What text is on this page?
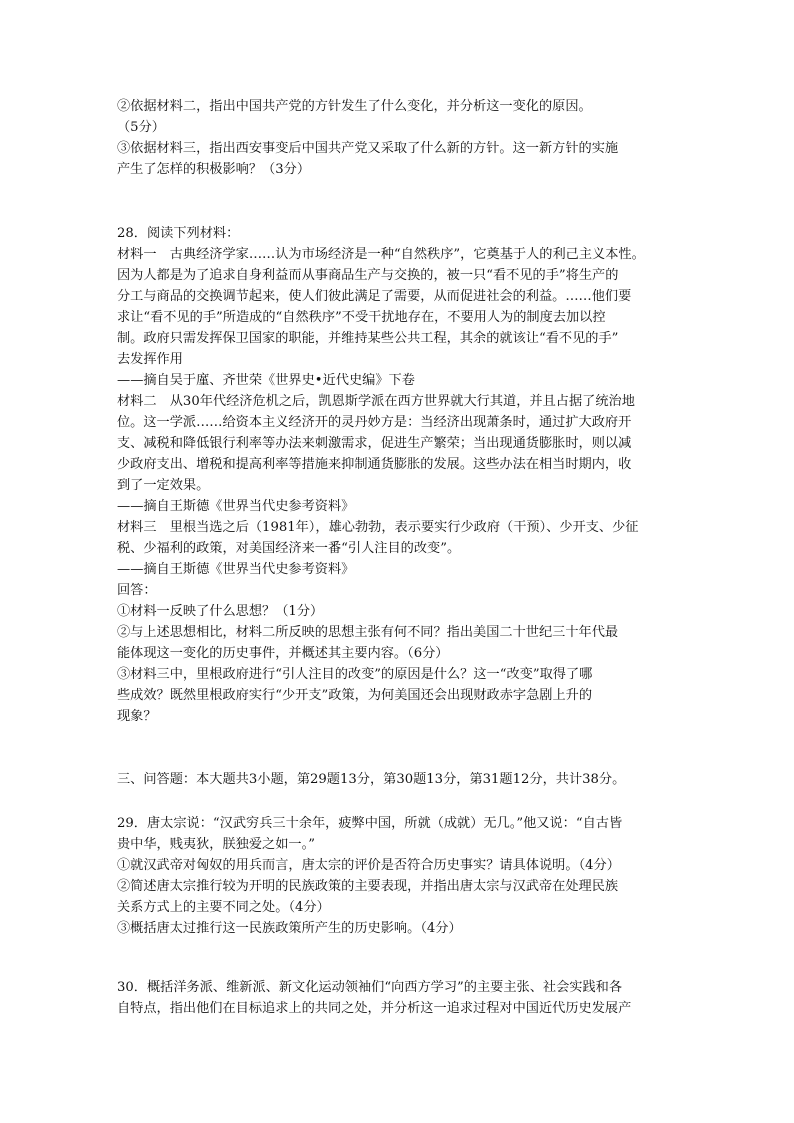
②依据材料二，指出中国共产党的方针发生了什么变化，并分析这一变化的原因。
（5分）
③依据材料三，指出西安事变后中国共产党又采取了什么新的方针。这一新方针的实施
产生了怎样的积极影响？（3分）
28．阅读下列材料：
材料一　古典经济学家……认为市场经济是一种“自然秩序”，它奠基于人的利己主义本性。
因为人都是为了追求自身利益而从事商品生产与交换的，被一只“看不见的手”将生产的
分工与商品的交换调节起来，使人们彼此满足了需要，从而促进社会的利益。……他们要
求让“看不见的手”所造成的“自然秩序”不受干扰地存在，不要用人为的制度去加以控
制。政府只需发挥保卫国家的职能，并维持某些公共工程，其余的就该让“看不见的手”
去发挥作用
——摘自吴于廑、齐世荣《世界史•近代史编》下卷
材料二　从30年代经济危机之后，凯恩斯学派在西方世界就大行其道，并且占据了统治地
位。这一学派……给资本主义经济开的灵丹妙方是：当经济出现萧条时，通过扩大政府开
支、减税和降低银行利率等办法来刺激需求，促进生产繁荣；当出现通货膨胀时，则以减
少政府支出、增税和提高利率等措施来抑制通货膨胀的发展。这些办法在相当时期内，收
到了一定效果。
——摘自王斯德《世界当代史参考资料》
材料三　里根当选之后（1981年），雄心勃勃，表示要实行少政府（干预）、少开支、少征
税、少福利的政策，对美国经济来一番“引人注目的改变”。
——摘自王斯德《世界当代史参考资料》
回答：
①材料一反映了什么思想？（1分）
②与上述思想相比，材料二所反映的思想主张有何不同？指出美国二十世纪三十年代最
能体现这一变化的历史事件，并概述其主要内容。（6分）
③材料三中，里根政府进行“引人注目的改变”的原因是什么？这一“改变”取得了哪
些成效？既然里根政府实行“少开支”政策，为何美国还会出现财政赤字急剧上升的
现象？
三、问答题：本大题共3小题，第29题13分，第30题13分，第31题12分，共计38分。
29．唐太宗说：“汉武穷兵三十余年，疲弊中国，所就（成就）无几。”他又说：“自古皆
贵中华，贱夷狄，朕独爱之如一。”
①就汉武帝对匈奴的用兵而言，唐太宗的评价是否符合历史事实？请具体说明。（4分）
②简述唐太宗推行较为开明的民族政策的主要表现，并指出唐太宗与汉武帝在处理民族
关系方式上的主要不同之处。（4分）
③概括唐太过推行这一民族政策所产生的历史影响。（4分）
30．概括洋务派、维新派、新文化运动领袖们“向西方学习”的主要主张、社会实践和各
自特点，指出他们在目标追求上的共同之处，并分析这一追求过程对中国近代历史发展产
